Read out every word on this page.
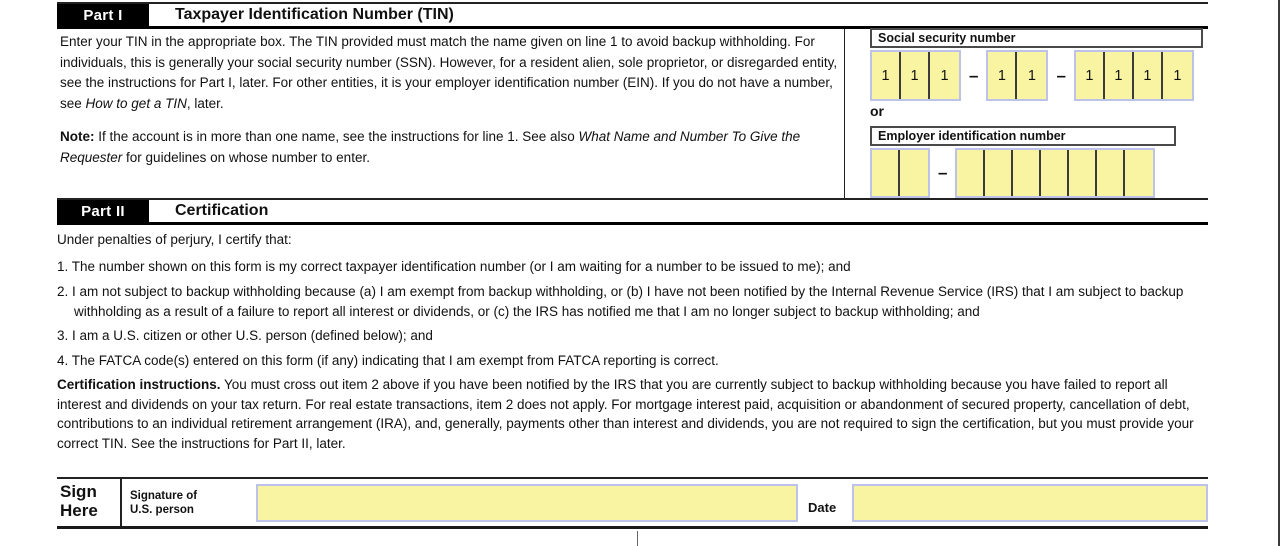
Part I	Taxpayer Identification Number (TIN)
Enter your TIN in the appropriate box. The TIN provided must match the name given on line 1 to avoid backup withholding. For individuals, this is generally your social security number (SSN). However, for a resident alien, sole proprietor, or disregarded entity, see the instructions for Part I, later. For other entities, it is your employer identification number (EIN). If you do not have a number, see How to get a TIN, later.
Note: If the account is in more than one name, see the instructions for line 1. See also What Name and Number To Give the Requester for guidelines on whose number to enter.
Social security number
1	1	1	–	1	1	–	1	1	1	1
or
Employer identification number
–
Part II	Certification
Under penalties of perjury, I certify that:
1. The number shown on this form is my correct taxpayer identification number (or I am waiting for a number to be issued to me); and
2. I am not subject to backup withholding because (a) I am exempt from backup withholding, or (b) I have not been notified by the Internal Revenue Service (IRS) that I am subject to backup withholding as a result of a failure to report all interest or dividends, or (c) the IRS has notified me that I am no longer subject to backup withholding; and
3. I am a U.S. citizen or other U.S. person (defined below); and
4. The FATCA code(s) entered on this form (if any) indicating that I am exempt from FATCA reporting is correct.
Certification instructions. You must cross out item 2 above if you have been notified by the IRS that you are currently subject to backup withholding because you have failed to report all interest and dividends on your tax return. For real estate transactions, item 2 does not apply. For mortgage interest paid, acquisition or abandonment of secured property, cancellation of debt, contributions to an individual retirement arrangement (IRA), and, generally, payments other than interest and dividends, you are not required to sign the certification, but you must provide your correct TIN. See the instructions for Part II, later.
Sign
Here
Signature of
U.S. person	Date
